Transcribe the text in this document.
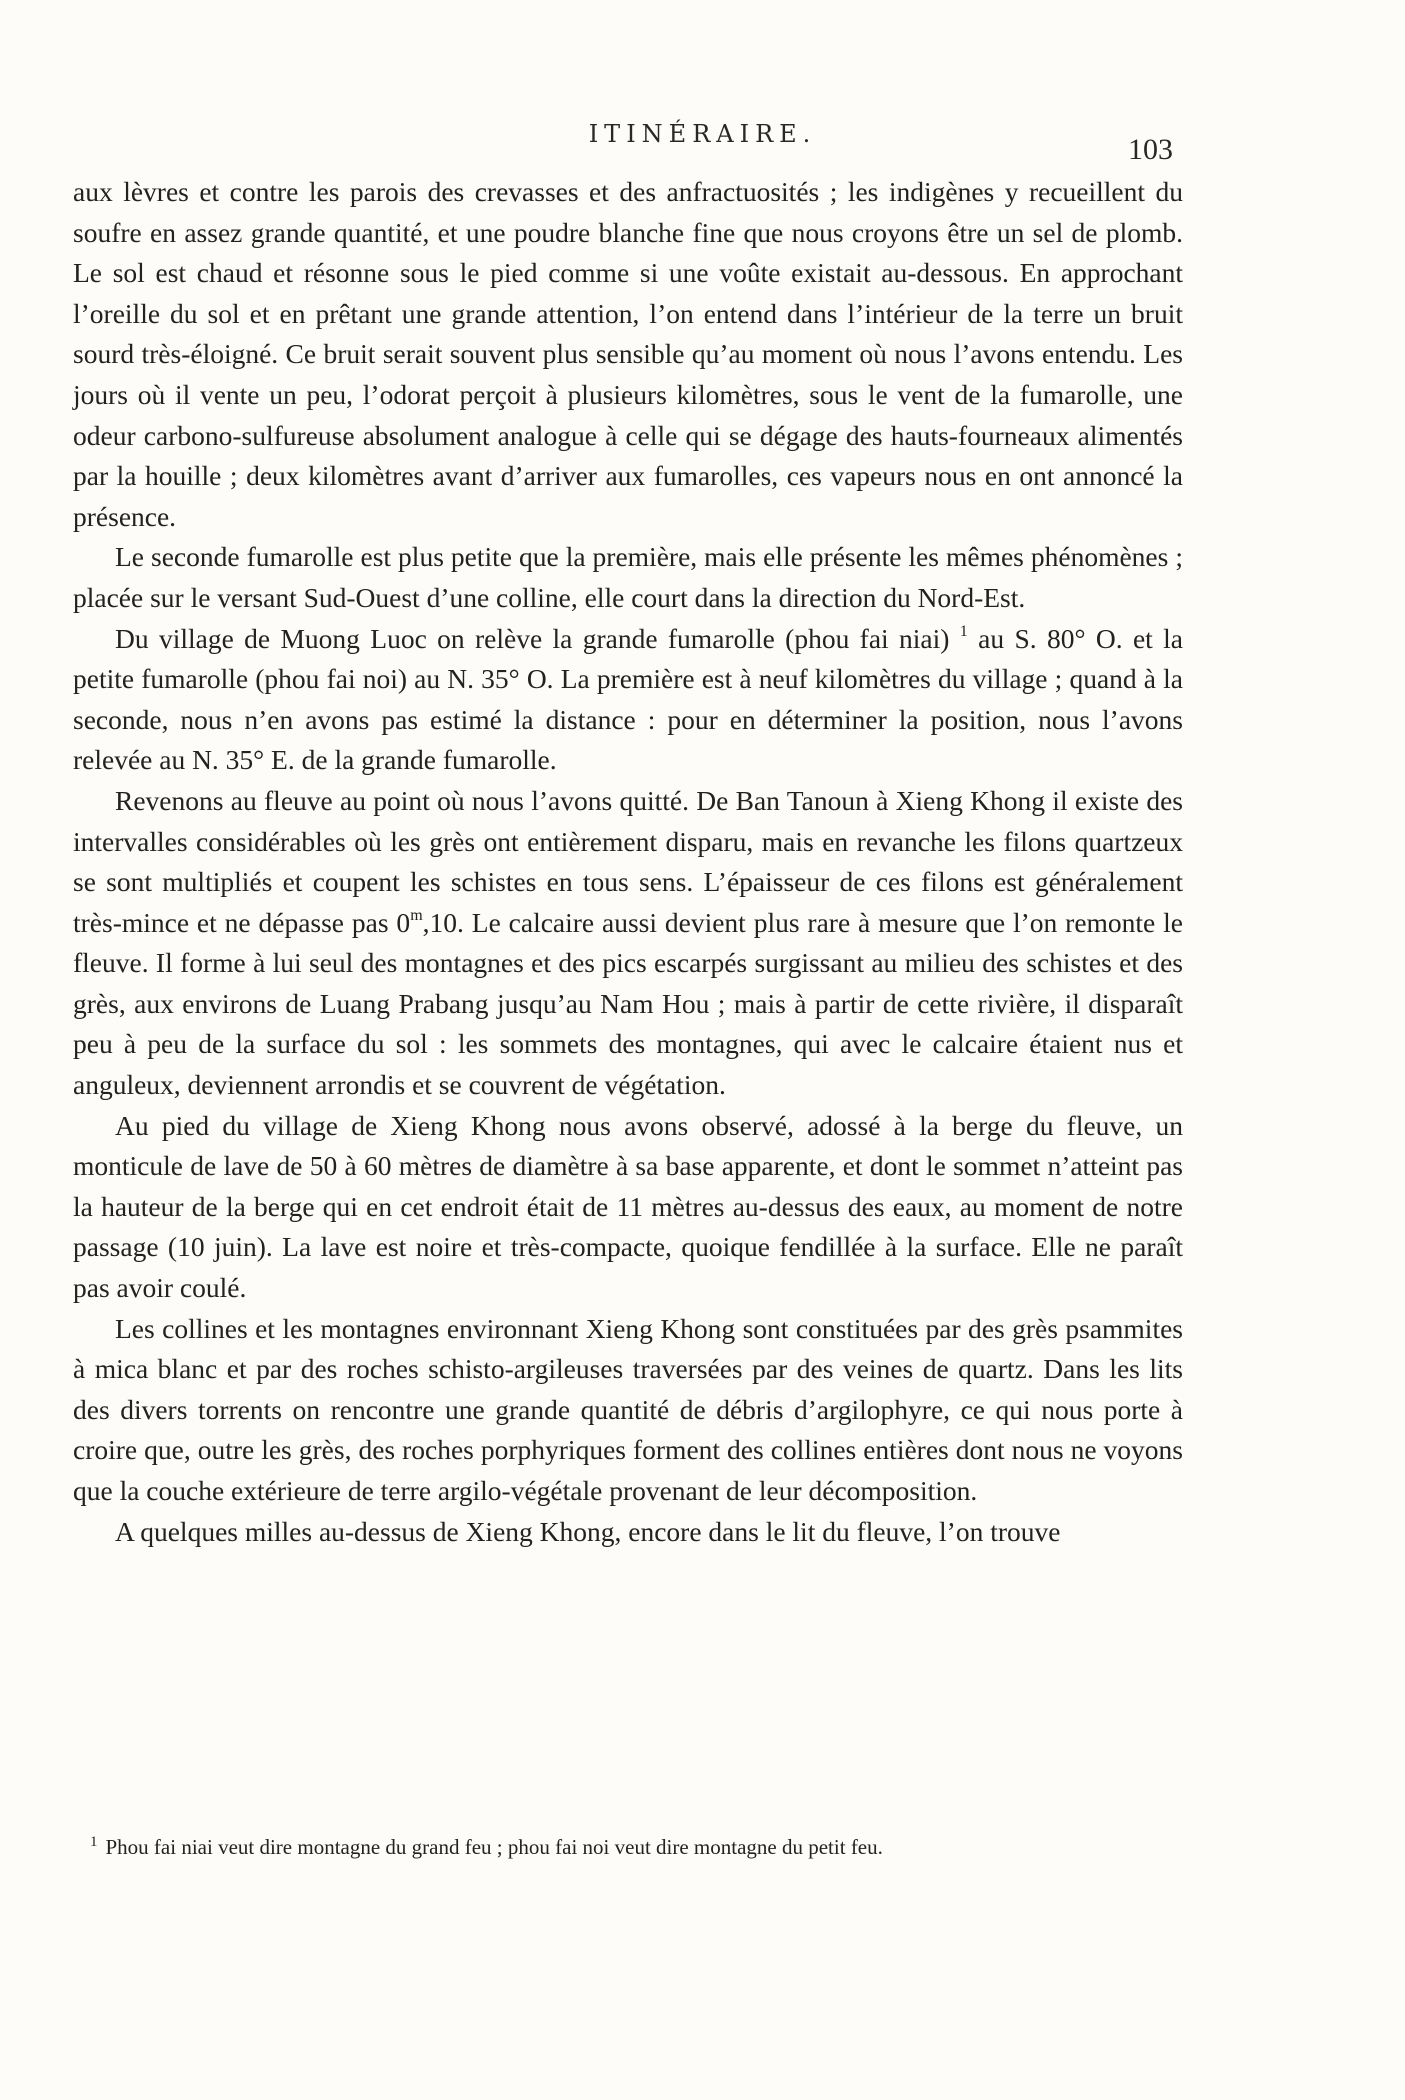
ITINÉRAIRE.	103

aux lèvres et contre les parois des crevasses et des anfractuosités ; les indigènes y recueillent du soufre en assez grande quantité, et une poudre blanche fine que nous croyons être un sel de plomb. Le sol est chaud et résonne sous le pied comme si une voûte existait au-dessous. En approchant l’oreille du sol et en prêtant une grande attention, l’on entend dans l’intérieur de la terre un bruit sourd très-éloigné. Ce bruit serait souvent plus sensible qu’au moment où nous l’avons entendu. Les jours où il vente un peu, l’odorat perçoit à plusieurs kilomètres, sous le vent de la fumarolle, une odeur carbono-sulfureuse absolument analogue à celle qui se dégage des hauts-fourneaux alimentés par la houille ; deux kilomètres avant d’arriver aux fumarolles, ces vapeurs nous en ont annoncé la présence.

Le seconde fumarolle est plus petite que la première, mais elle présente les mêmes phénomènes ; placée sur le versant Sud-Ouest d’une colline, elle court dans la direction du Nord-Est.

Du village de Muong Luoc on relève la grande fumarolle (phou fai niai) $^1$ au S. 80° O. et la petite fumarolle (phou fai noi) au N. 35° O. La première est à neuf kilomètres du village ; quand à la seconde, nous n’en avons pas estimé la distance : pour en déterminer la position, nous l’avons relevée au N. 35° E. de la grande fumarolle.

Revenons au fleuve au point où nous l’avons quitté. De Ban Tanoun à Xieng Khong il existe des intervalles considérables où les grès ont entièrement disparu, mais en revanche les filons quartzeux se sont multipliés et coupent les schistes en tous sens. L’épaisseur de ces filons est généralement très-mince et ne dépasse pas 0$^m$,10. Le calcaire aussi devient plus rare à mesure que l’on remonte le fleuve. Il forme à lui seul des montagnes et des pics escarpés surgissant au milieu des schistes et des grès, aux environs de Luang Prabang jusqu’au Nam Hou ; mais à partir de cette rivière, il disparaît peu à peu de la surface du sol : les sommets des montagnes, qui avec le calcaire étaient nus et anguleux, deviennent arrondis et se couvrent de végétation.

Au pied du village de Xieng Khong nous avons observé, adossé à la berge du fleuve, un monticule de lave de 50 à 60 mètres de diamètre à sa base apparente, et dont le sommet n’atteint pas la hauteur de la berge qui en cet endroit était de 11 mètres au-dessus des eaux, au moment de notre passage (10 juin). La lave est noire et très-compacte, quoique fendillée à la surface. Elle ne paraît pas avoir coulé.

Les collines et les montagnes environnant Xieng Khong sont constituées par des grès psammites à mica blanc et par des roches schisto-argileuses traversées par des veines de quartz. Dans les lits des divers torrents on rencontre une grande quantité de débris d’argilophyre, ce qui nous porte à croire que, outre les grès, des roches porphyriques forment des collines entières dont nous ne voyons que la couche extérieure de terre argilo-végétale provenant de leur décomposition.

A quelques milles au-dessus de Xieng Khong, encore dans le lit du fleuve, l’on trouve

$^1$ Phou fai niai veut dire montagne du grand feu ; phou fai noi veut dire montagne du petit feu.
